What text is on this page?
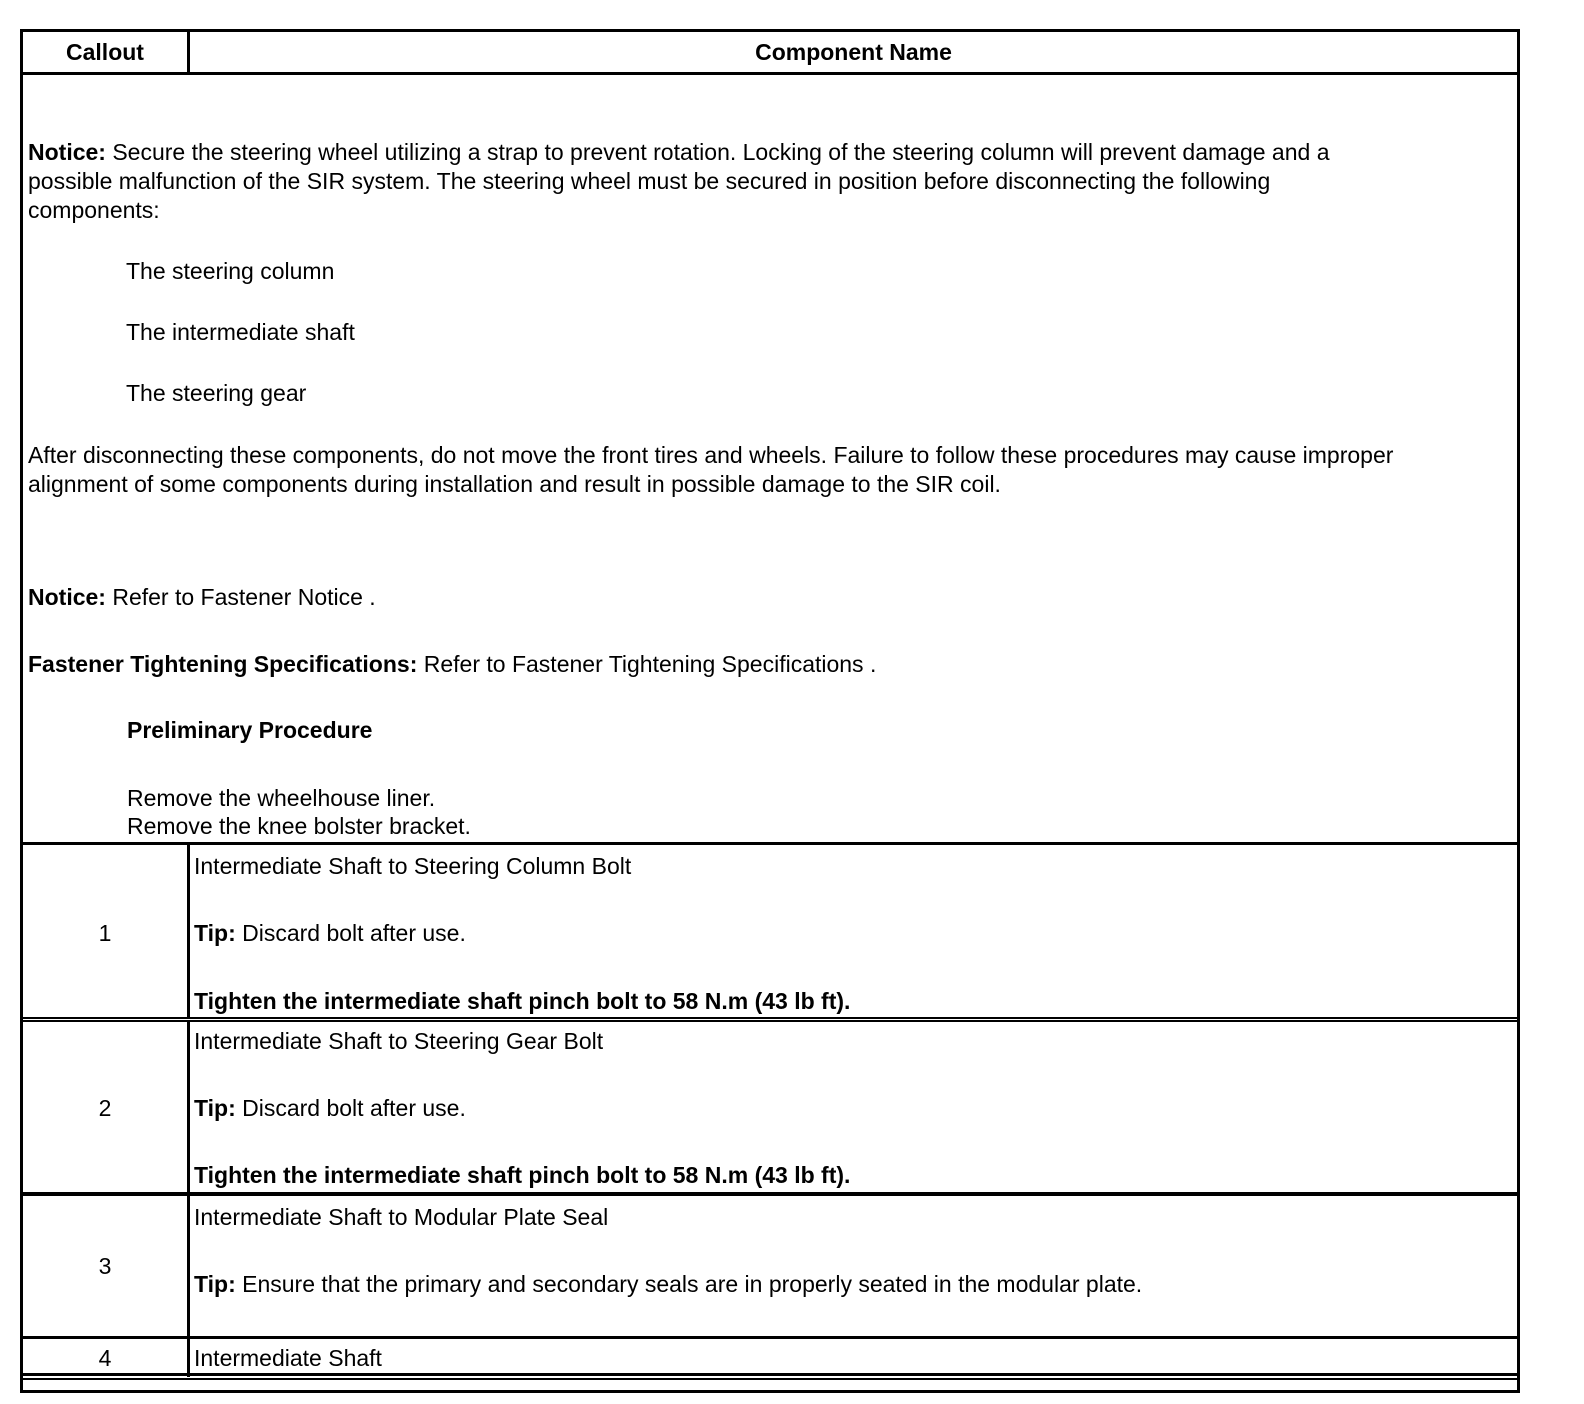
Callout	Component Name
Notice: Secure the steering wheel utilizing a strap to prevent rotation. Locking of the steering column will prevent damage and a
possible malfunction of the SIR system. The steering wheel must be secured in position before disconnecting the following
components:
The steering column
The intermediate shaft
The steering gear
After disconnecting these components, do not move the front tires and wheels. Failure to follow these procedures may cause improper
alignment of some components during installation and result in possible damage to the SIR coil.
Notice: Refer to Fastener Notice .
Fastener Tightening Specifications: Refer to Fastener Tightening Specifications .
Preliminary Procedure
Remove the wheelhouse liner.
Remove the knee bolster bracket.
1
Intermediate Shaft to Steering Column Bolt
Tip: Discard bolt after use.
Tighten the intermediate shaft pinch bolt to 58 N.m (43 lb ft).
2
Intermediate Shaft to Steering Gear Bolt
Tip: Discard bolt after use.
Tighten the intermediate shaft pinch bolt to 58 N.m (43 lb ft).
3
Intermediate Shaft to Modular Plate Seal
Tip: Ensure that the primary and secondary seals are in properly seated in the modular plate.
4	Intermediate Shaft
